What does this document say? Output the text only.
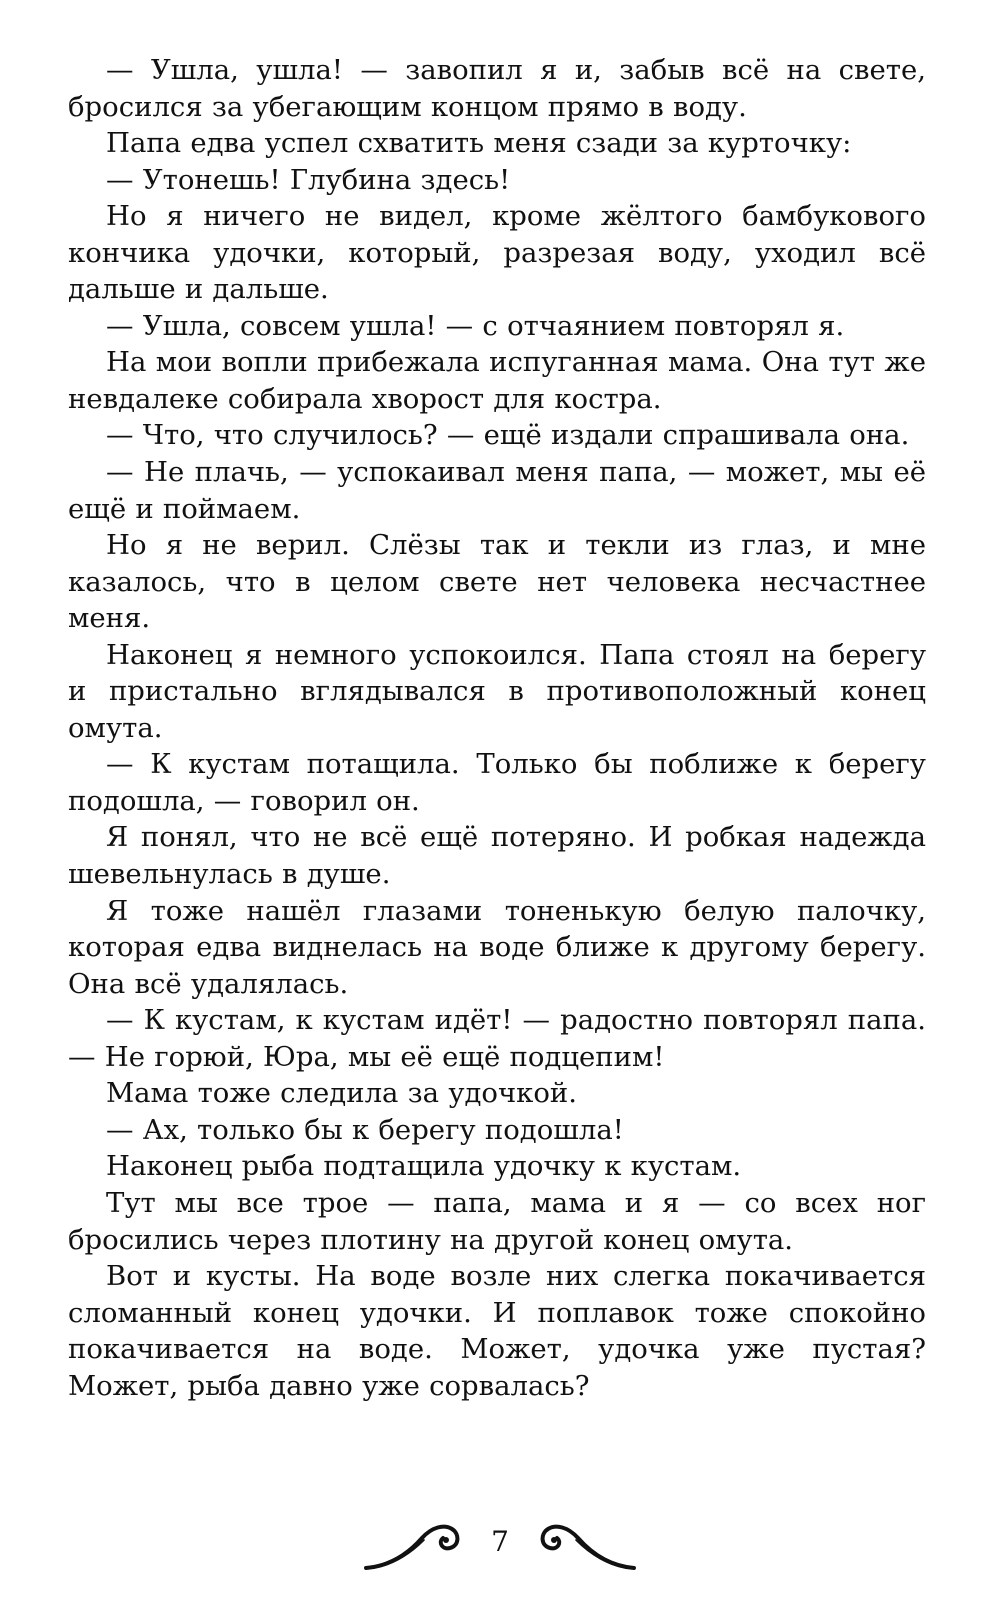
— Ушла, ушла! — завопил я и, забыв всё на свете, бросился за убегающим концом прямо в воду.

Папа едва успел схватить меня сзади за курточку:

— Утонешь! Глубина здесь!

Но я ничего не видел, кроме жёлтого бамбукового кончика удочки, который, разрезая воду, уходил всё дальше и дальше.

— Ушла, совсем ушла! — с отчаянием повторял я.

На мои вопли прибежала испуганная мама. Она тут же невдалеке собирала хворост для костра.

— Что, что случилось? — ещё издали спрашивала она.

— Не плачь, — успокаивал меня папа, — может, мы её ещё и поймаем.

Но я не верил. Слёзы так и текли из глаз, и мне казалось, что в целом свете нет человека несчастнее меня.

Наконец я немного успокоился. Папа стоял на берегу и пристально вглядывался в противоположный конец омута.

— К кустам потащила. Только бы поближе к берегу подошла, — говорил он.

Я понял, что не всё ещё потеряно. И робкая надежда шевельнулась в душе.

Я тоже нашёл глазами тоненькую белую палочку, которая едва виднелась на воде ближе к другому берегу. Она всё удалялась.

— К кустам, к кустам идёт! — радостно повторял папа. — Не горюй, Юра, мы её ещё подцепим!

Мама тоже следила за удочкой.

— Ах, только бы к берегу подошла!

Наконец рыба подтащила удочку к кустам.

Тут мы все трое — папа, мама и я — со всех ног бросились через плотину на другой конец омута.

Вот и кусты. На воде возле них слегка покачивается сломанный конец удочки. И поплавок тоже спокойно покачивается на воде. Может, удочка уже пустая? Может, рыба давно уже сорвалась?

7
